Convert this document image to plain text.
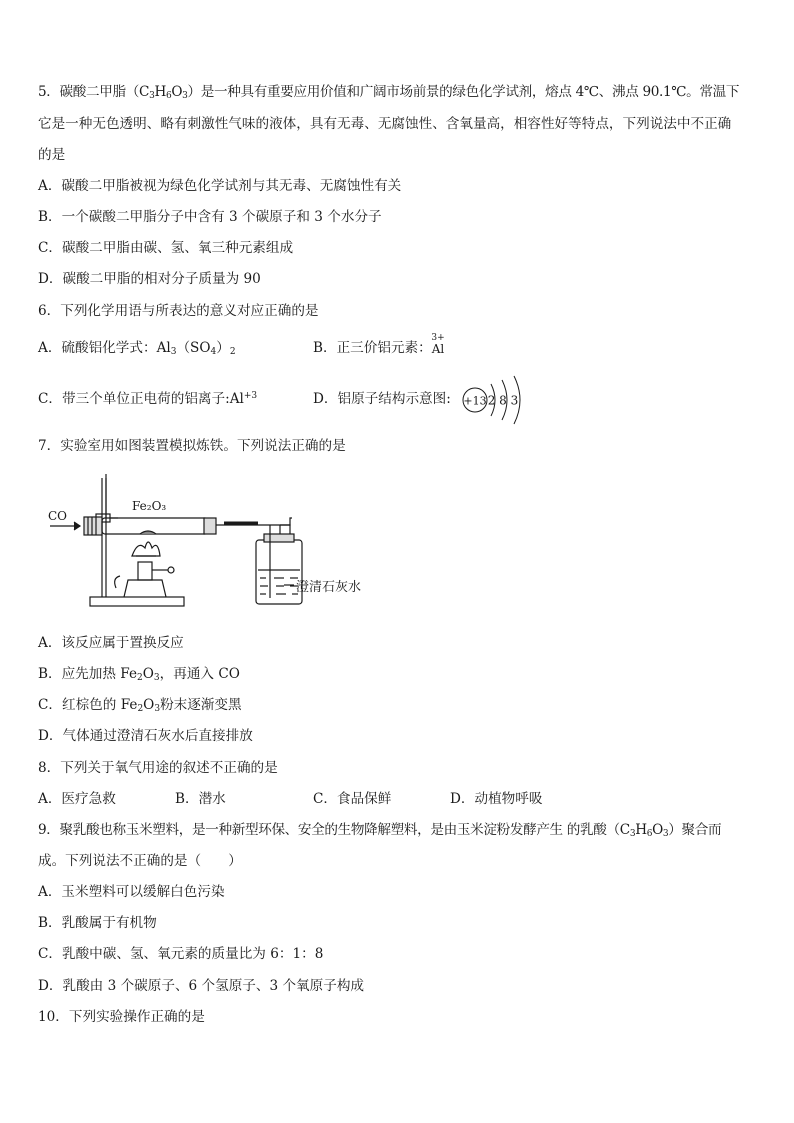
5．碳酸二甲脂$(C_3H_6O_3)$是一种具有重要应用价值和广阔市场前景的绿色化学试剂，熔点 4℃、沸点 90.1℃。常温下
它是一种无色透明、略有刺激性气味的液体，具有无毒、无腐蚀性、含氧量高，相容性好等特点，下列说法中不正确
的是
A．碳酸二甲脂被视为绿色化学试剂与其无毒、无腐蚀性有关
B．一个碳酸二甲脂分子中含有 3 个碳原子和 3 个水分子
C．碳酸二甲脂由碳、氢、氧三种元素组成
D．碳酸二甲脂的相对分子质量为 90
6．下列化学用语与所表达的意义对应正确的是
A．硫酸铝化学式：$Al_3(SO_4)_2$	B．正三价铝元素：
3+
Al
C．带三个单位正电荷的铝离子$:Al^{+3}$	D．铝原子结构示意图: +13 2 8 3
7．实验室用如图装置模拟炼铁。下列说法正确的是
CO
Fe₂O₃
澄清石灰水
A．该反应属于置换反应
B．应先加热 $Fe_2O_3$，再通入 CO
C．红棕色的 $Fe_2O_3$粉末逐渐变黑
D．气体通过澄清石灰水后直接排放
8．下列关于氧气用途的叙述不正确的是
A．医疗急救	B．潜水	C．食品保鲜	D．动植物呼吸
9．聚乳酸也称玉米塑料，是一种新型环保、安全的生物降解塑料，是由玉米淀粉发酵产生 的乳酸$(C_3H_6O_3)$聚合而
成。下列说法不正确的是（　　）
A．玉米塑料可以缓解白色污染
B．乳酸属于有机物
C．乳酸中碳、氢、氧元素的质量比为 6：1：8
D．乳酸由 3 个碳原子、6 个氢原子、3 个氧原子构成
10．下列实验操作正确的是
